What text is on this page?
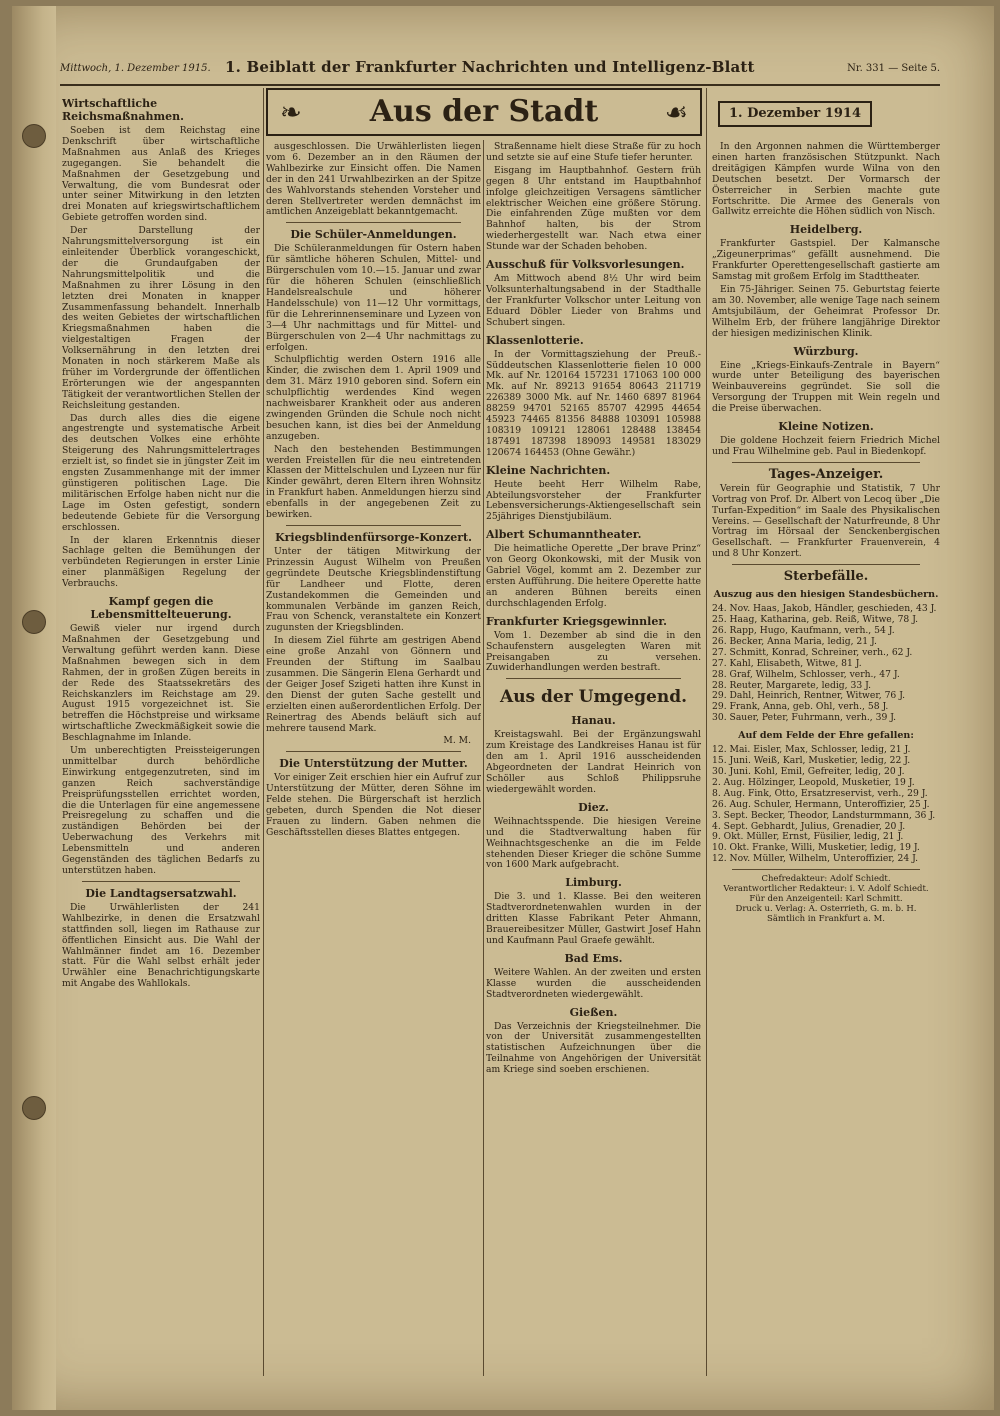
Mittwoch, 1. Dezember 1915. 1. Beiblatt der Frankfurter Nachrichten und Intelligenz-Blatt	Nr. 331 — Seite 5.
❧	Aus der Stadt	☙	1. Dezember 1914
Wirtschaftliche Reichsmaßnahmen.

Soeben ist dem Reichstag eine Denkschrift über wirtschaftliche Maßnahmen aus Anlaß des Krieges zugegangen. Sie behandelt die Maßnahmen der Gesetzgebung und Verwaltung, die vom Bundesrat oder unter seiner Mitwirkung in den letzten drei Monaten auf kriegswirtschaftlichem Gebiete getroffen worden sind.

Der Darstellung der Nahrungsmittelversorgung ist ein einleitender Überblick vorangeschickt, der die Grundaufgaben der Nahrungsmittelpolitik und die Maßnahmen zu ihrer Lösung in den letzten drei Monaten in knapper Zusammenfassung behandelt. Innerhalb des weiten Gebietes der wirtschaftlichen Kriegsmaßnahmen haben die vielgestaltigen Fragen der Volksernährung in den letzten drei Monaten in noch stärkerem Maße als früher im Vordergrunde der öffentlichen Erörterungen wie der angespannten Tätigkeit der verantwortlichen Stellen der Reichsleitung gestanden.

Das durch alles dies die eigene angestrengte und systematische Arbeit des deutschen Volkes eine erhöhte Steigerung des Nahrungsmittelertrages erzielt ist, so findet sie in jüngster Zeit im engsten Zusammenhange mit der immer günstigeren politischen Lage. Die militärischen Erfolge haben nicht nur die Lage im Osten gefestigt, sondern bedeutende Gebiete für die Versorgung erschlossen.

In der klaren Erkenntnis dieser Sachlage gelten die Bemühungen der verbündeten Regierungen in erster Linie einer planmäßigen Regelung der Verbrauchs.

Kampf gegen die Lebensmittelteuerung.

Gewiß vieler nur irgend durch Maßnahmen der Gesetzgebung und Verwaltung geführt werden kann. Diese Maßnahmen bewegen sich in dem Rahmen, der in großen Zügen bereits in der Rede des Staatssekretärs des Reichskanzlers im Reichstage am 29. August 1915 vorgezeichnet ist. Sie betreffen die Höchstpreise und wirksame wirtschaftliche Zweckmäßigkeit sowie die Beschlagnahme im Inlande.

Um unberechtigten Preissteigerungen unmittelbar durch behördliche Einwirkung entgegenzutreten, sind im ganzen Reich sachverständige Preisprüfungsstellen errichtet worden, die die Unterlagen für eine angemessene Preisregelung zu schaffen und die zuständigen Behörden bei der Ueberwachung des Verkehrs mit Lebensmitteln und anderen Gegenständen des täglichen Bedarfs zu unterstützen haben.

Die Landtagsersatzwahl.

Die Urwählerlisten der 241 Wahlbezirke, in denen die Ersatzwahl stattfinden soll, liegen im Rathause zur öffentlichen Einsicht aus. Die Wahl der Wahlmänner findet am 16. Dezember statt. Für die Wahl selbst erhält jeder Urwähler eine Benachrichtigungskarte mit Angabe des Wahllokals.

ausgeschlossen. Die Urwählerlisten liegen vom 6. Dezember an in den Räumen der Wahlbezirke zur Einsicht offen. Die Namen der in den 241 Urwahlbezirken an der Spitze des Wahlvorstands stehenden Vorsteher und deren Stellvertreter werden demnächst im amtlichen Anzeigeblatt bekanntgemacht.

Die Schüler-Anmeldungen.

Die Schüleranmeldungen für Ostern haben für sämtliche höheren Schulen, Mittel- und Bürgerschulen vom 10.—15. Januar und zwar für die höheren Schulen (einschließlich Handelsrealschule und höherer Handelsschule) von 11—12 Uhr vormittags, für die Lehrerinnenseminare und Lyzeen von 3—4 Uhr nachmittags und für Mittel- und Bürgerschulen von 2—4 Uhr nachmittags zu erfolgen.

Schulpflichtig werden Ostern 1916 alle Kinder, die zwischen dem 1. April 1909 und dem 31. März 1910 geboren sind. Sofern ein schulpflichtig werdendes Kind wegen nachweisbarer Krankheit oder aus anderen zwingenden Gründen die Schule noch nicht besuchen kann, ist dies bei der Anmeldung anzugeben.

Nach den bestehenden Bestimmungen werden Freistellen für die neu eintretenden Klassen der Mittelschulen und Lyzeen nur für Kinder gewährt, deren Eltern ihren Wohnsitz in Frankfurt haben. Anmeldungen hierzu sind ebenfalls in der angegebenen Zeit zu bewirken.

Kriegsblindenfürsorge-Konzert.

Unter der tätigen Mitwirkung der Prinzessin August Wilhelm von Preußen gegründete Deutsche Kriegsblindenstiftung für Landheer und Flotte, deren Zustandekommen die Gemeinden und kommunalen Verbände im ganzen Reich, Frau von Schenck, veranstaltete ein Konzert zugunsten der Kriegsblinden.

In diesem Ziel führte am gestrigen Abend eine große Anzahl von Gönnern und Freunden der Stiftung im Saalbau zusammen. Die Sängerin Elena Gerhardt und der Geiger Josef Szigeti hatten ihre Kunst in den Dienst der guten Sache gestellt und erzielten einen außerordentlichen Erfolg. Der Reinertrag des Abends beläuft sich auf mehrere tausend Mark.

M. M.
Die Unterstützung der Mutter.

Vor einiger Zeit erschien hier ein Aufruf zur Unterstützung der Mütter, deren Söhne im Felde stehen. Die Bürgerschaft ist herzlich gebeten, durch Spenden die Not dieser Frauen zu lindern. Gaben nehmen die Geschäftsstellen dieses Blattes entgegen.

Straßenname hielt diese Straße für zu hoch und setzte sie auf eine Stufe tiefer herunter.

Eisgang im Hauptbahnhof. Gestern früh gegen 8 Uhr entstand im Hauptbahnhof infolge gleichzeitigen Versagens sämtlicher elektrischer Weichen eine größere Störung. Die einfahrenden Züge mußten vor dem Bahnhof halten, bis der Strom wiederhergestellt war. Nach etwa einer Stunde war der Schaden behoben.

Ausschuß für Volksvorlesungen.

Am Mittwoch abend 8½ Uhr wird beim Volksunterhaltungsabend in der Stadthalle der Frankfurter Volkschor unter Leitung von Eduard Döbler Lieder von Brahms und Schubert singen.

Klassenlotterie.

In der Vormittagsziehung der Preuß.-Süddeutschen Klassenlotterie fielen 10 000 Mk. auf Nr. 120164 157231 171063 100 000 Mk. auf Nr. 89213 91654 80643 211719 226389 3000 Mk. auf Nr. 1460 6897 81964 88259 94701 52165 85707 42995 44654 45923 74465 81356 84888 103091 105988 108319 109121 128061 128488 138454 187491 187398 189093 149581 183029 120674 164453 (Ohne Gewähr.)

Kleine Nachrichten.

Heute beeht Herr Wilhelm Rabe, Abteilungsvorsteher der Frankfurter Lebensversicherungs-Aktiengesellschaft sein 25jähriges Dienstjubiläum.

Albert Schumanntheater.

Die heimatliche Operette „Der brave Prinz“ von Georg Okonkowski, mit der Musik von Gabriel Vögel, kommt am 2. Dezember zur ersten Aufführung. Die heitere Operette hatte an anderen Bühnen bereits einen durchschlagenden Erfolg.

Frankfurter Kriegsgewinnler.

Vom 1. Dezember ab sind die in den Schaufenstern ausgelegten Waren mit Preisangaben zu versehen. Zuwiderhandlungen werden bestraft.

Aus der Umgegend.
Hanau.

Kreistagswahl. Bei der Ergänzungswahl zum Kreistage des Landkreises Hanau ist für den am 1. April 1916 ausscheidenden Abgeordneten der Landrat Heinrich von Schöller aus Schloß Philippsruhe wiedergewählt worden.

Diez.

Weihnachtsspende. Die hiesigen Vereine und die Stadtverwaltung haben für Weihnachtsgeschenke an die im Felde stehenden Dieser Krieger die schöne Summe von 1600 Mark aufgebracht.

Limburg.

Die 3. und 1. Klasse. Bei den weiteren Stadtverordnetenwahlen wurden in der dritten Klasse Fabrikant Peter Ahmann, Brauereibesitzer Müller, Gastwirt Josef Hahn und Kaufmann Paul Graefe gewählt.

Bad Ems.

Weitere Wahlen. An der zweiten und ersten Klasse wurden die ausscheidenden Stadtverordneten wiedergewählt.

Gießen.

Das Verzeichnis der Kriegsteilnehmer. Die von der Universität zusammengestellten statistischen Aufzeichnungen über die Teilnahme von Angehörigen der Universität am Kriege sind soeben erschienen.

In den Argonnen nahmen die Württemberger einen harten französischen Stützpunkt. Nach dreitägigen Kämpfen wurde Wilna von den Deutschen besetzt. Der Vormarsch der Österreicher in Serbien machte gute Fortschritte. Die Armee des Generals von Gallwitz erreichte die Höhen südlich von Nisch.

Heidelberg.

Frankfurter Gastspiel. Der Kalmansche „Zigeunerprimas“ gefällt ausnehmend. Die Frankfurter Operettengesellschaft gastierte am Samstag mit großem Erfolg im Stadttheater.

Ein 75-Jähriger. Seinen 75. Geburtstag feierte am 30. November, alle wenige Tage nach seinem Amtsjubiläum, der Geheimrat Professor Dr. Wilhelm Erb, der frühere langjährige Direktor der hiesigen medizinischen Klinik.

Würzburg.

Eine „Kriegs-Einkaufs-Zentrale in Bayern“ wurde unter Beteiligung des bayerischen Weinbauvereins gegründet. Sie soll die Versorgung der Truppen mit Wein regeln und die Preise überwachen.

Kleine Notizen.

Die goldene Hochzeit feiern Friedrich Michel und Frau Wilhelmine geb. Paul in Biedenkopf.

Tages-Anzeiger.

Verein für Geographie und Statistik, 7 Uhr Vortrag von Prof. Dr. Albert von Lecoq über „Die Turfan-Expedition“ im Saale des Physikalischen Vereins. — Gesellschaft der Naturfreunde, 8 Uhr Vortrag im Hörsaal der Senckenbergischen Gesellschaft. — Frankfurter Frauenverein, 4 und 8 Uhr Konzert.

Sterbefälle.
Auszug aus den hiesigen Standesbüchern.

24. Nov. Haas, Jakob, Händler, geschieden, 43 J.

25. Haag, Katharina, geb. Reiß, Witwe, 78 J.

26. Rapp, Hugo, Kaufmann, verh., 54 J.

26. Becker, Anna Maria, ledig, 21 J.

27. Schmitt, Konrad, Schreiner, verh., 62 J.

27. Kahl, Elisabeth, Witwe, 81 J.

28. Graf, Wilhelm, Schlosser, verh., 47 J.

28. Reuter, Margarete, ledig, 33 J.

29. Dahl, Heinrich, Rentner, Witwer, 76 J.

29. Frank, Anna, geb. Ohl, verh., 58 J.

30. Sauer, Peter, Fuhrmann, verh., 39 J.

Auf dem Felde der Ehre gefallen:

12. Mai. Eisler, Max, Schlosser, ledig, 21 J.

15. Juni. Weiß, Karl, Musketier, ledig, 22 J.

30. Juni. Kohl, Emil, Gefreiter, ledig, 20 J.

2. Aug. Hölzinger, Leopold, Musketier, 19 J.

8. Aug. Fink, Otto, Ersatzreservist, verh., 29 J.

26. Aug. Schuler, Hermann, Unteroffizier, 25 J.

3. Sept. Becker, Theodor, Landsturmmann, 36 J.

4. Sept. Gebhardt, Julius, Grenadier, 20 J.

9. Okt. Müller, Ernst, Füsilier, ledig, 21 J.

10. Okt. Franke, Willi, Musketier, ledig, 19 J.

12. Nov. Müller, Wilhelm, Unteroffizier, 24 J.

Chefredakteur: Adolf Schiedt.
Verantwortlicher Redakteur: i. V. Adolf Schiedt.
Für den Anzeigenteil: Karl Schmitt.
Druck u. Verlag: A. Osterrieth, G. m. b. H.
Sämtlich in Frankfurt a. M.
